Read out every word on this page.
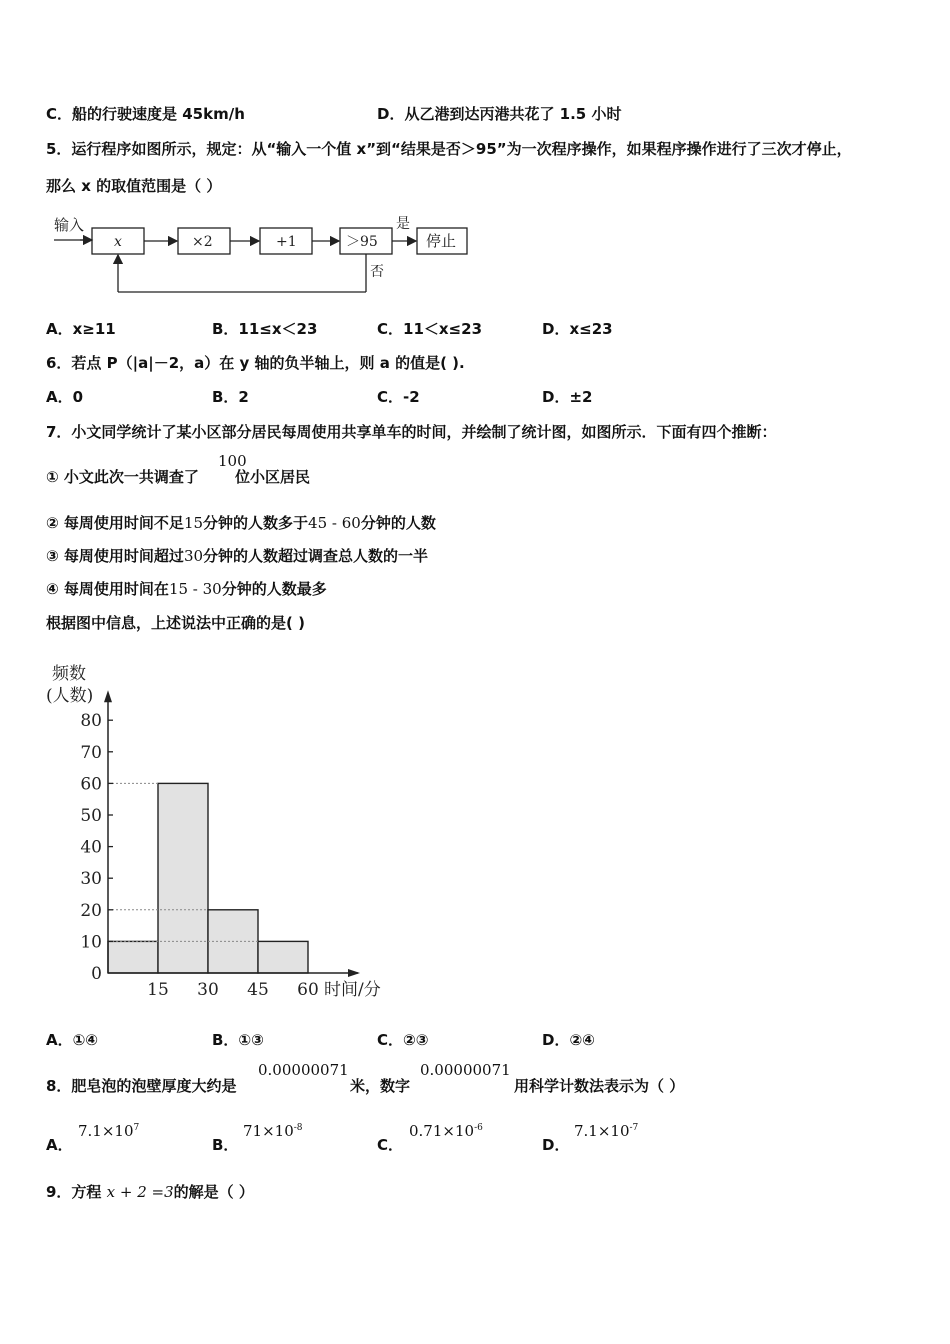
C．船的行驶速度是 45km/h	D．从乙港到达丙港共花了 1.5 小时
5．运行程序如图所示，规定：从“输入一个值 x”到“结果是否＞95”为一次程序操作，如果程序操作进行了三次才停止，
那么 x 的取值范围是（ ）
输入
x	×2	+1	＞95
是
停止
否
A．x≥11	B．11≤x＜23	C．11＜x≤23	D．x≤23
6．若点 P（|a|－2，a）在 y 轴的负半轴上，则 a 的值是( ).
A．0	B．2	C．-2	D．±2
7．小文同学统计了某小区部分居民每周使用共享单车的时间，并绘制了统计图，如图所示．下面有四个推断：
① 小文此次一共调查了 位小区居民
100
② 每周使用时间不足15分钟的人数多于45 - 60分钟的人数
③ 每周使用时间超过30分钟的人数超过调查总人数的一半
④ 每周使用时间在15 - 30分钟的人数最多
根据图中信息，上述说法中正确的是( )
频数
(人数)
时间/分
0
10
20
30
40
50
60
70
80
15 30 45 60
A．①④	B．①③	C．②③	D．②④
8．肥皂泡的泡壁厚度大约是
0.00000071
米，数字
0.00000071
用科学计数法表示为（ ）
A．
$7.1\times 10^7$
B．
$71\times 10^{-8}$
C．
$0.71\times 10^{-6}$
D．
$7.1\times 10^{-7}$
9．方程 x + 2 =3的解是（ ）
